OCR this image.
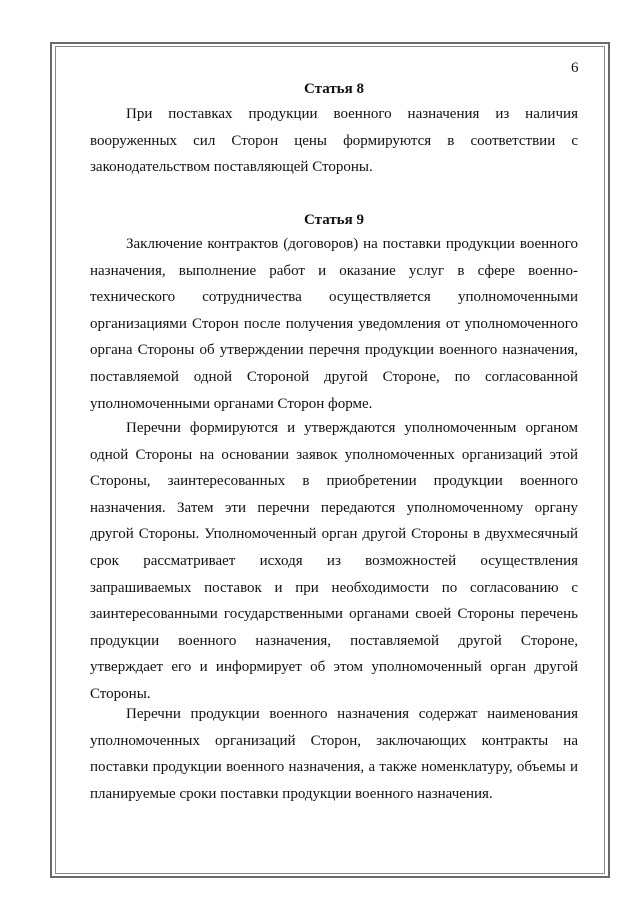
6
Статья 8

При поставках продукции военного назначения из наличия вооруженных сил Сторон цены формируются в соответствии с законодательством поставляющей Стороны.

Статья 9

Заключение контрактов (договоров) на поставки продукции военного назначения, выполнение работ и оказание услуг в сфере военно-технического сотрудничества осуществляется уполномоченными организациями Сторон после получения уведомления от уполномоченного органа Стороны об утверждении перечня продукции военного назначения, поставляемой одной Стороной другой Стороне, по согласованной уполномоченными органами Сторон форме.

Перечни формируются и утверждаются уполномоченным органом одной Стороны на основании заявок уполномоченных организаций этой Стороны, заинтересованных в приобретении продукции военного назначения. Затем эти перечни передаются уполномоченному органу другой Стороны. Уполномоченный орган другой Стороны в двухмесячный срок рассматривает исходя из возможностей осуществления запрашиваемых поставок и при необходимости по согласованию с заинтересованными государственными органами своей Стороны перечень продукции военного назначения, поставляемой другой Стороне, утверждает его и информирует об этом уполномоченный орган другой Стороны.

Перечни продукции военного назначения содержат наименования уполномоченных организаций Сторон, заключающих контракты на поставки продукции военного назначения, а также номенклатуру, объемы и планируемые сроки поставки продукции военного назначения.
